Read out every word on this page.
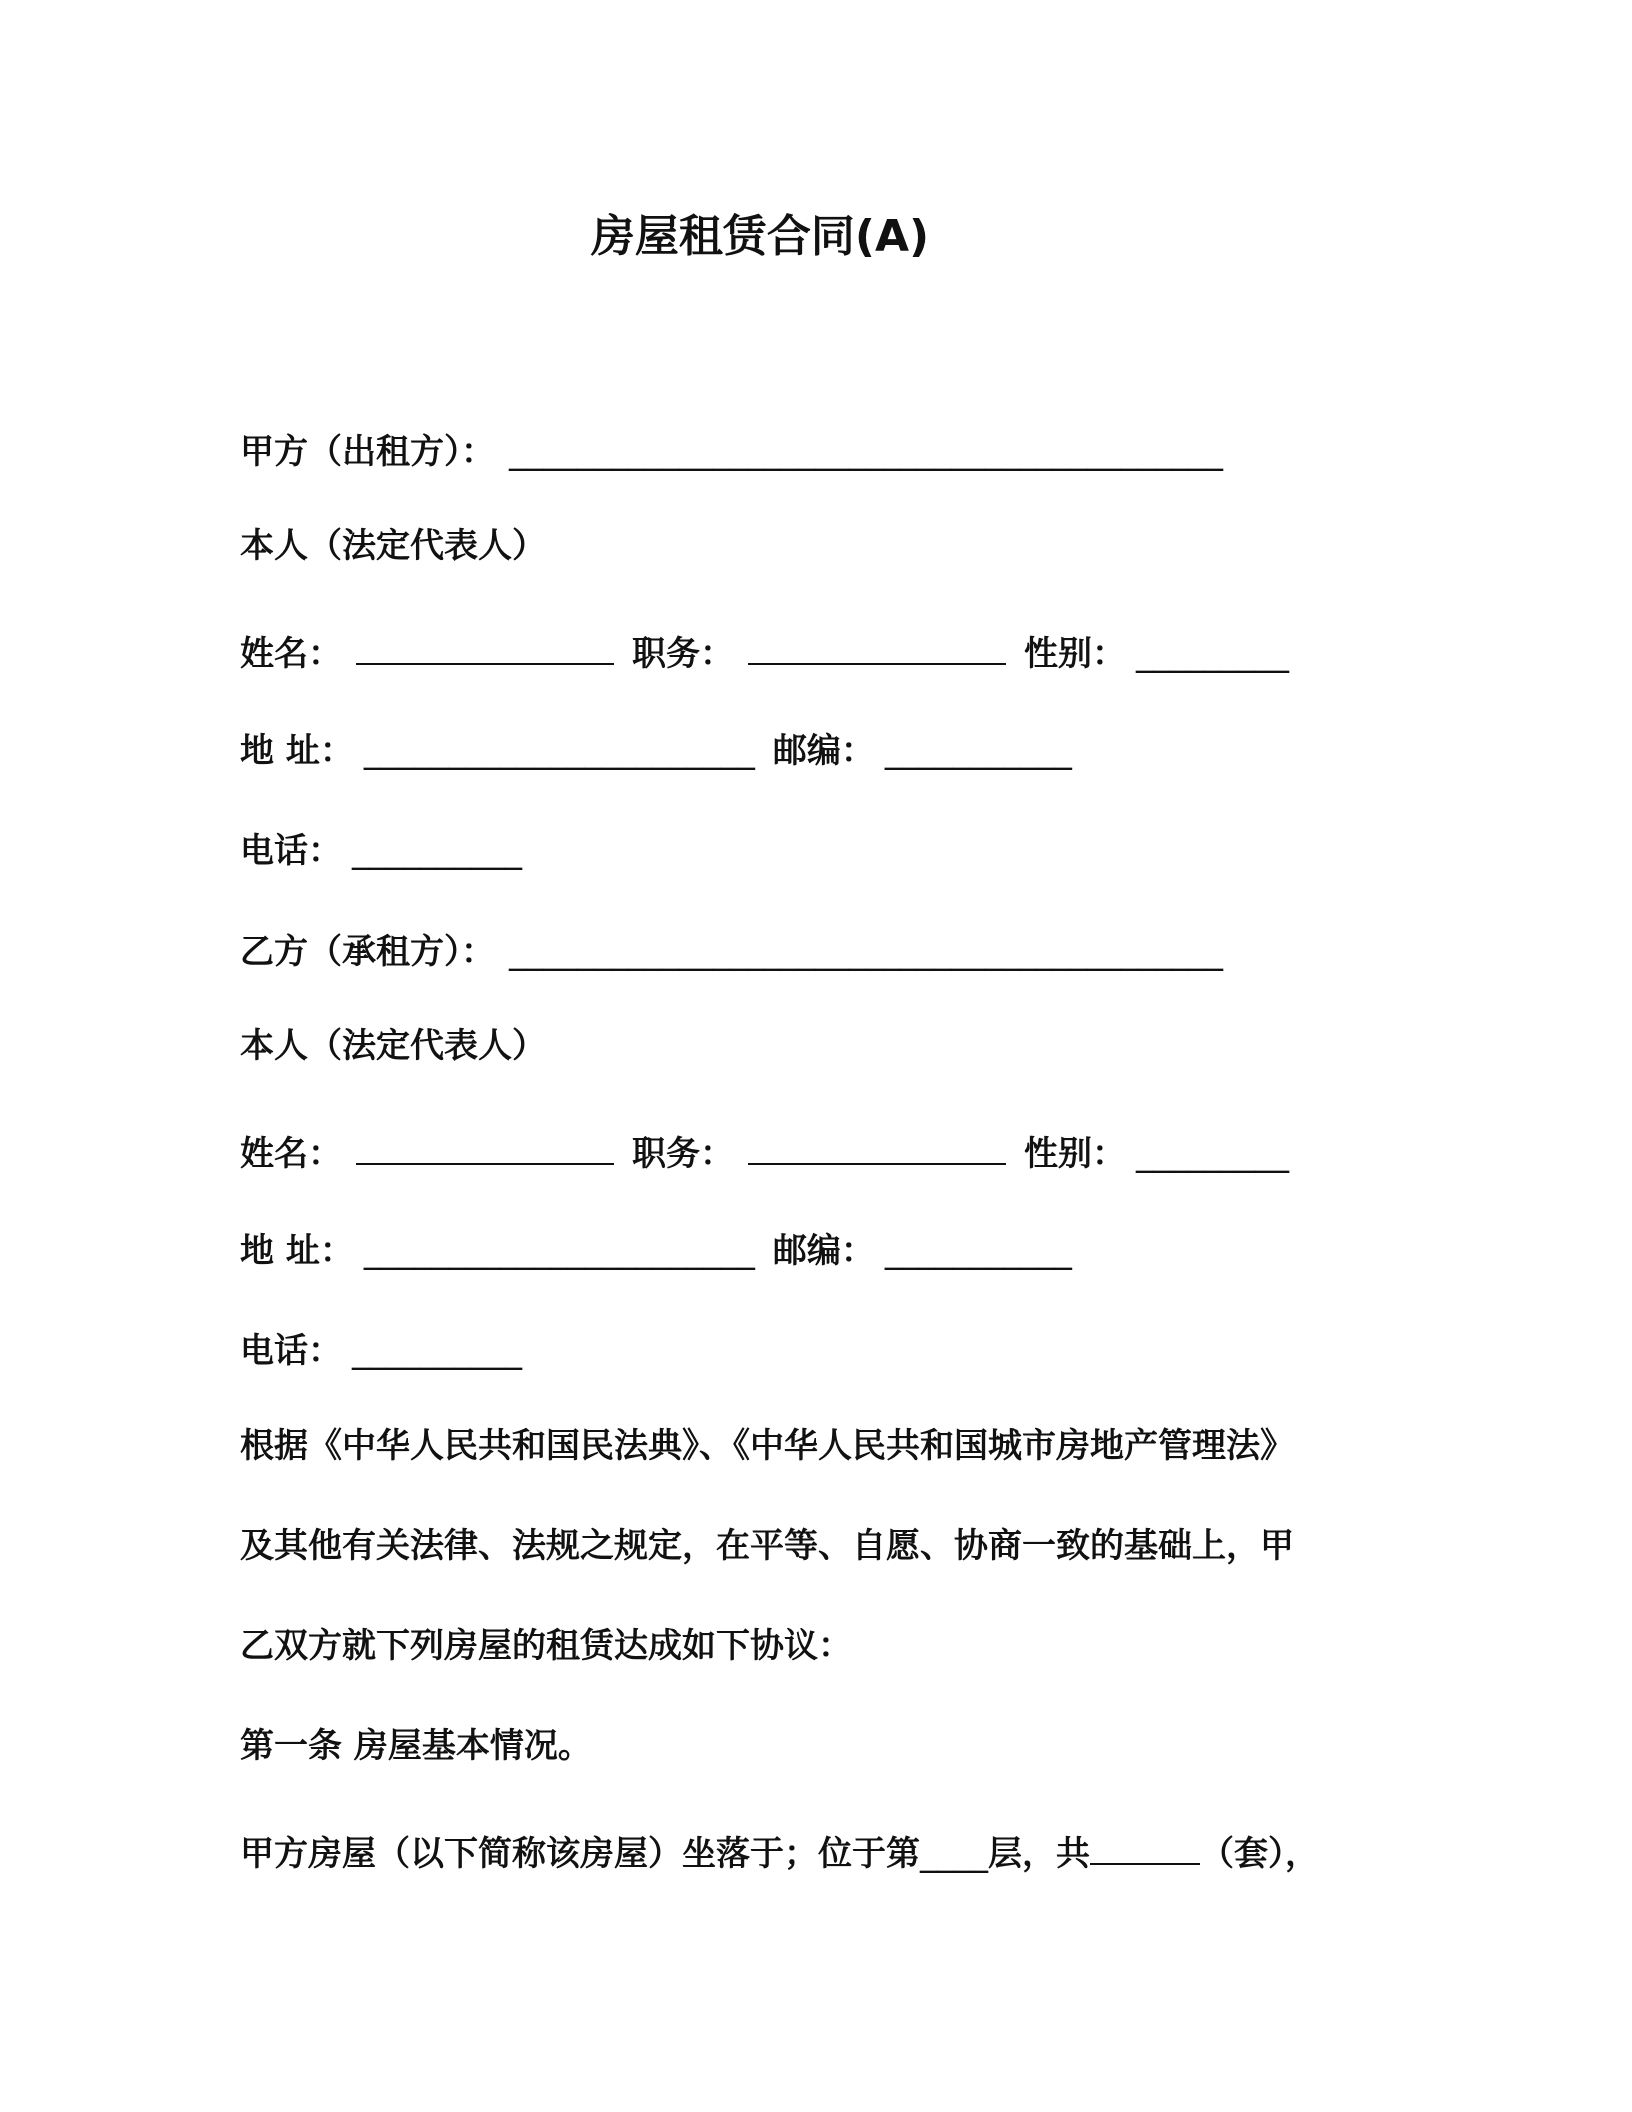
房屋租赁合同(A)
甲方（出租方）： __________________________________________
本人（法定代表人）
姓名：	职务：	性别： _________
地 址： _______________________ 邮编： ___________
电话： __________
乙方（承租方）： __________________________________________
本人（法定代表人）
姓名：	职务：	性别： _________
地 址： _______________________ 邮编： ___________
电话： __________
根据《中华人民共和国民法典》、《中华人民共和国城市房地产管理法》
及其他有关法律、法规之规定，在平等、自愿、协商一致的基础上，甲
乙双方就下列房屋的租赁达成如下协议：
第一条 房屋基本情况。
甲方房屋（以下简称该房屋）坐落于；位于第____层，共	（套），
